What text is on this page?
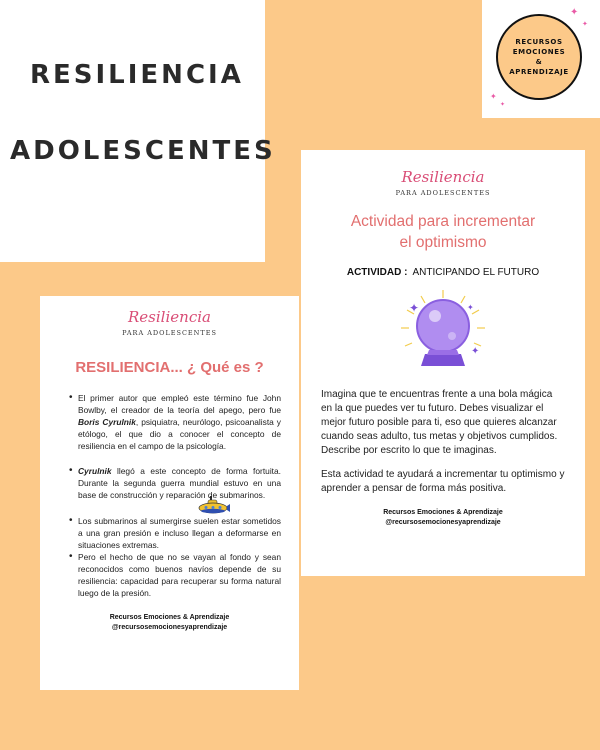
RESILIENCIA
ADOLESCENTES
✦
✦
✦
✦
RECURSOS
EMOCIONES
&
APRENDIZAJE
Resiliencia
PARA ADOLESCENTES
Actividad para incrementar
el optimismo
ACTIVIDAD : ANTICIPANDO EL FUTURO
✦	✦
✦

Imagina que te encuentras frente a una bola mágica en la que puedes ver tu futuro. Debes visualizar el mejor futuro posible para ti, eso que quieres alcanzar cuando seas adulto, tus metas y objetivos cumplidos. Describe por escrito lo que te imaginas.

Esta actividad te ayudará a incrementar tu optimismo y aprender a pensar de forma más positiva.

Recursos Emociones & Aprendizaje
@recursosemocionesyaprendizaje
Resiliencia
PARA ADOLESCENTES
RESILIENCIA... ¿ Qué es ?
• El primer autor que empleó este término fue John Bowlby, el creador de la teoría del apego, pero fue Boris Cyrulnik, psiquiatra, neurólogo, psicoanalista y etólogo, el que dio a conocer el concepto de resiliencia en el campo de la psicología.
• Cyrulnik llegó a este concepto de forma fortuita. Durante la segunda guerra mundial estuvo en una base de construcción y reparación de submarinos.
• Los submarinos al sumergirse suelen estar sometidos a una gran presión e incluso llegan a deformarse en situaciones extremas.
• Pero el hecho de que no se vayan al fondo y sean reconocidos como buenos navíos depende de su resiliencia: capacidad para recuperar su forma natural luego de la presión.
Recursos Emociones & Aprendizaje
@recursosemocionesyaprendizaje
